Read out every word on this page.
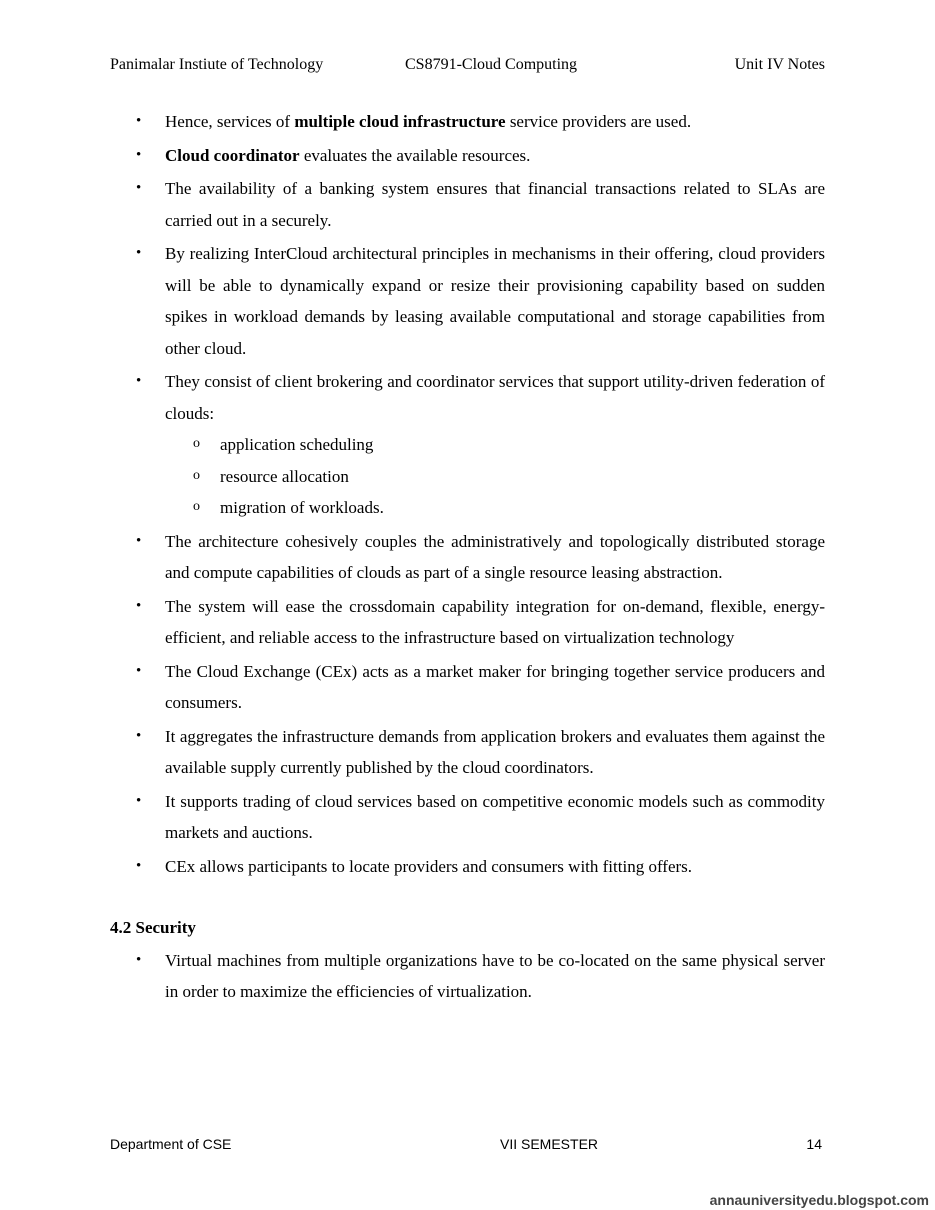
Panimalar Instiute of Technology	CS8791-Cloud Computing	Unit IV Notes
• Hence, services of multiple cloud infrastructure service providers are used.
• Cloud coordinator evaluates the available resources.
• The availability of a banking system ensures that financial transactions related to SLAs are carried out in a securely.
• By realizing InterCloud architectural principles in mechanisms in their offering, cloud providers will be able to dynamically expand or resize their provisioning capability based on sudden spikes in workload demands by leasing available computational and storage capabilities from other cloud.
• They consist of client brokering and coordinator services that support utility-driven federation of clouds:
o application scheduling
o resource allocation
o migration of workloads.
• The architecture cohesively couples the administratively and topologically distributed storage and compute capabilities of clouds as part of a single resource leasing abstraction.
• The system will ease the crossdomain capability integration for on-demand, flexible, energy-efficient, and reliable access to the infrastructure based on virtualization technology
• The Cloud Exchange (CEx) acts as a market maker for bringing together service producers and consumers.
• It aggregates the infrastructure demands from application brokers and evaluates them against the available supply currently published by the cloud coordinators.
• It supports trading of cloud services based on competitive economic models such as commodity markets and auctions.
• CEx allows participants to locate providers and consumers with fitting offers.
4.2 Security
• Virtual machines from multiple organizations have to be co-located on the same physical server in order to maximize the efficiencies of virtualization.
Department of CSE	VII SEMESTER	14
annauniversityedu.blogspot.com
